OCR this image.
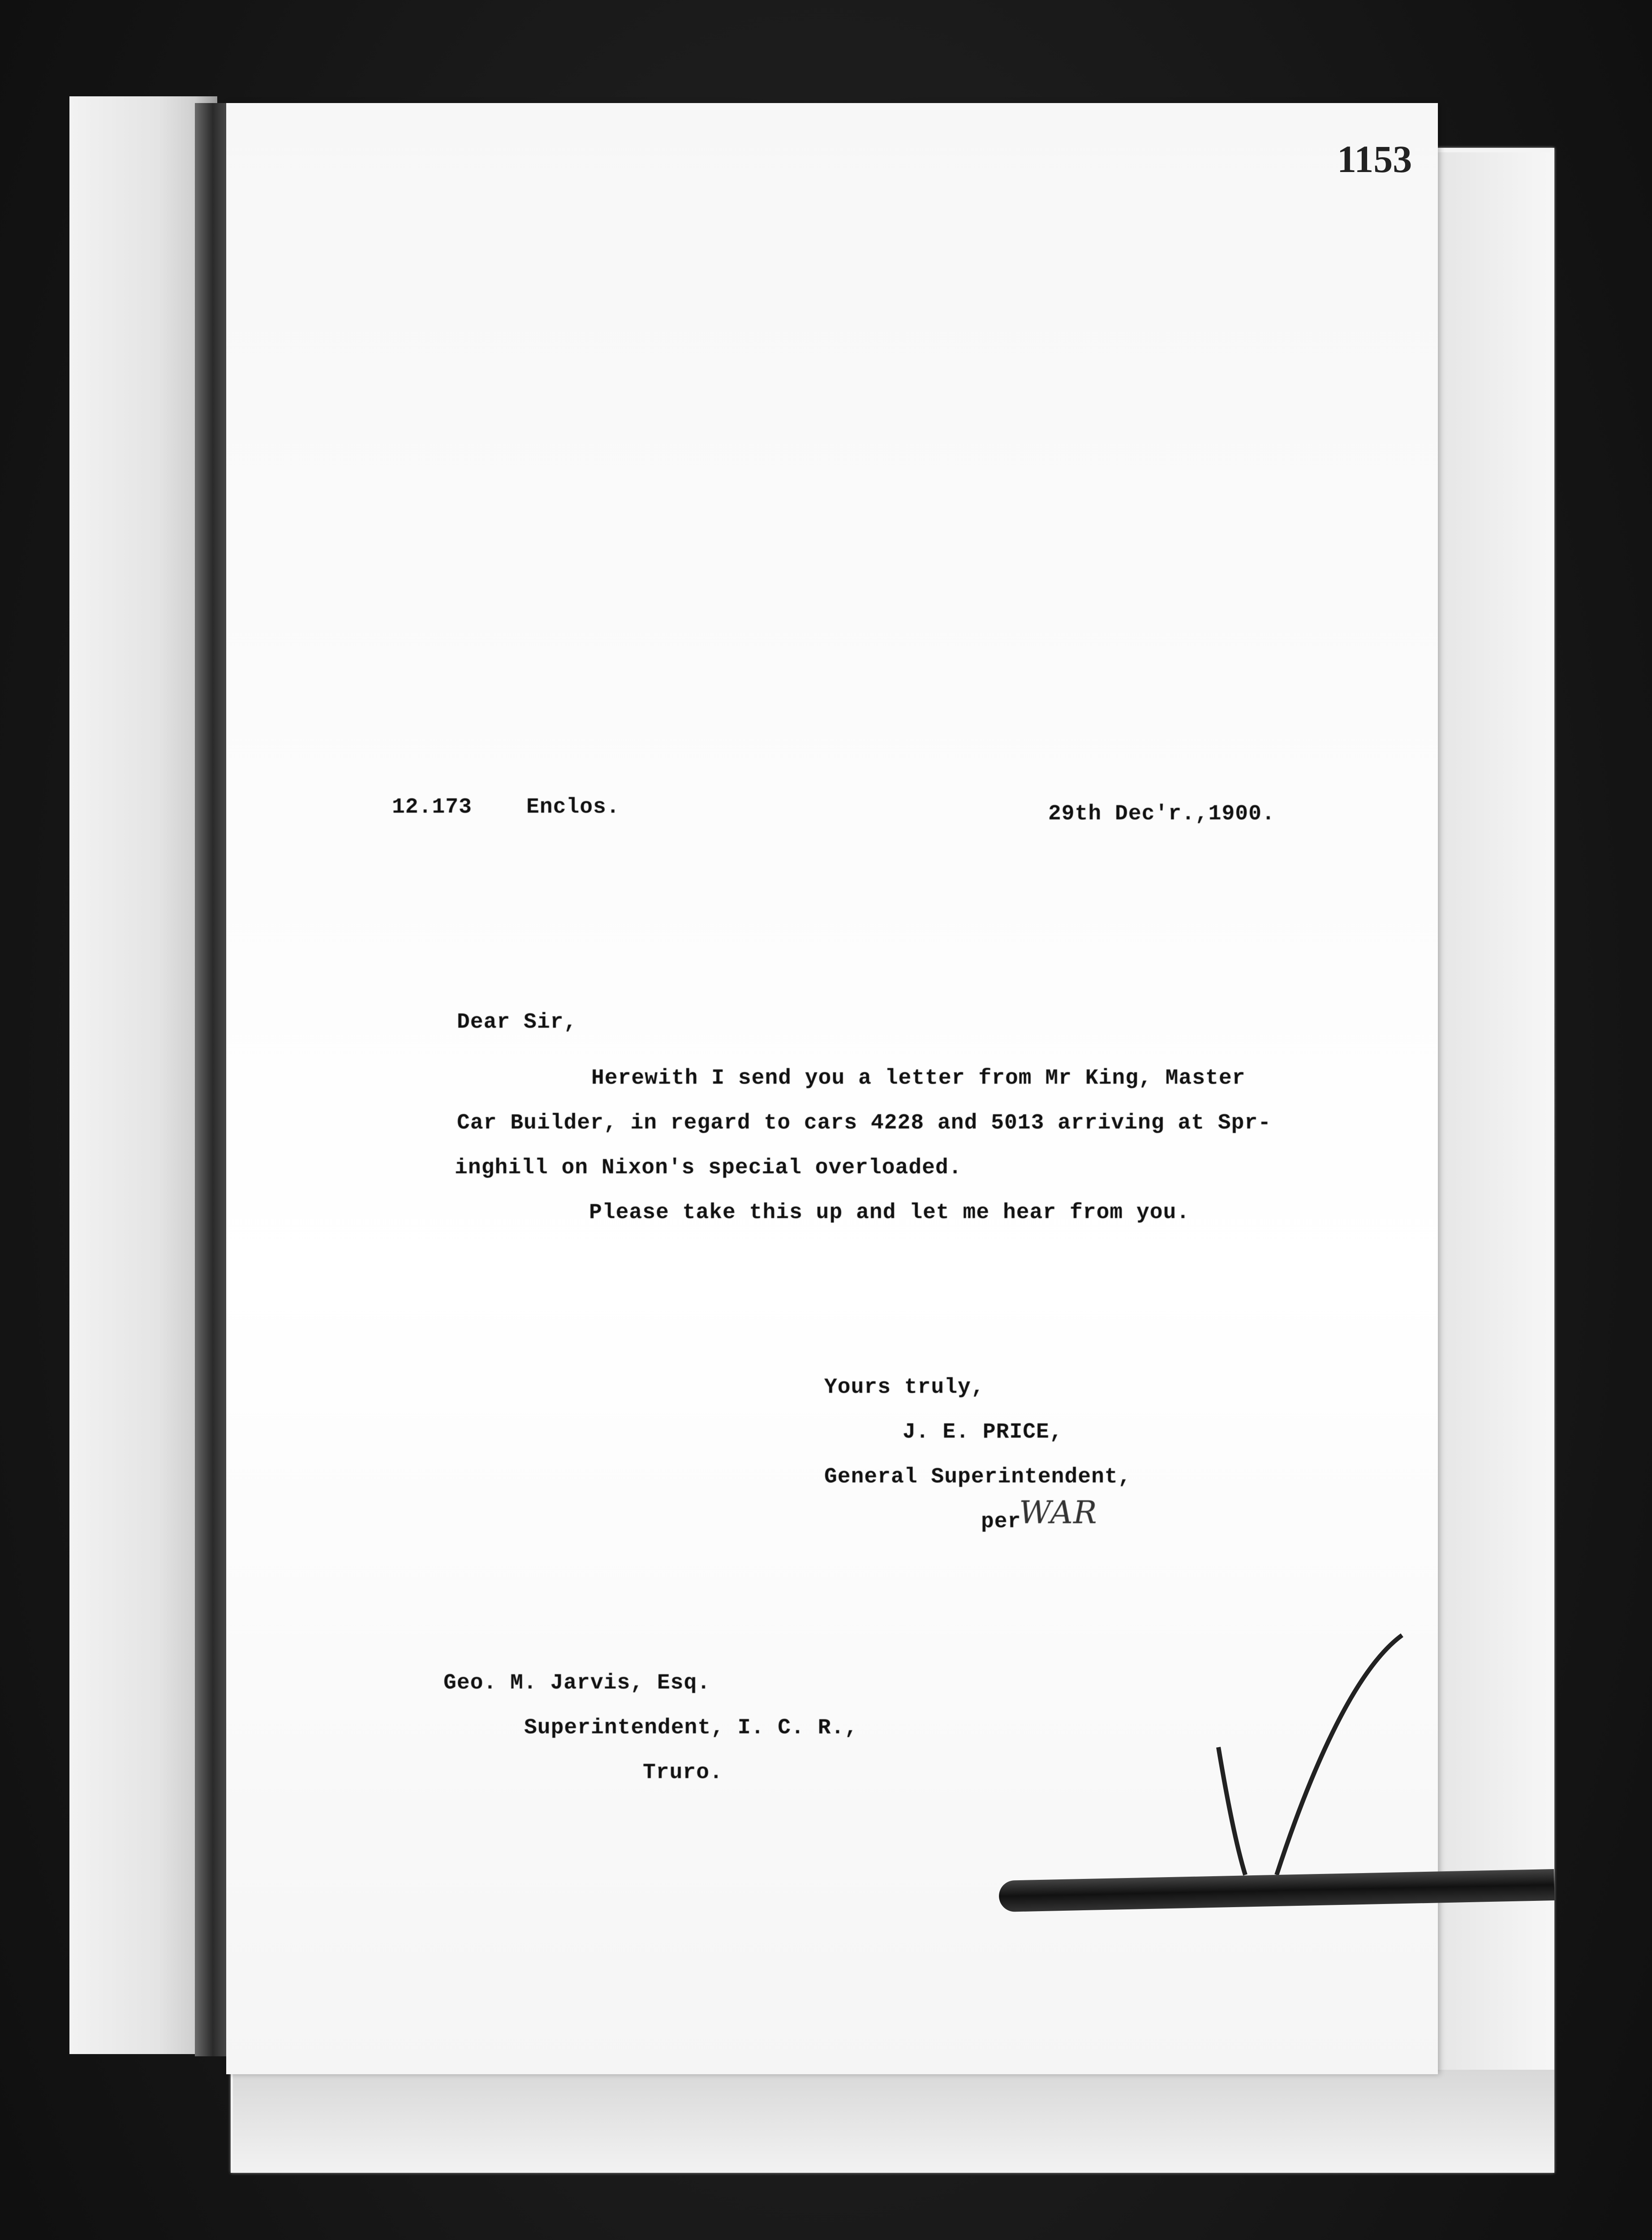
1153
12.173	Enclos.	29th Dec'r.,1900.
Dear Sir,
Herewith I send you a letter from Mr King, Master
Car Builder, in regard to cars 4228 and 5013 arriving at Spr-
inghill on Nixon's special overloaded.
Please take this up and let me hear from you.
Yours truly,
J. E. PRICE,
General Superintendent,
per
WAR
Geo. M. Jarvis, Esq.
Superintendent, I. C. R.,
Truro.
